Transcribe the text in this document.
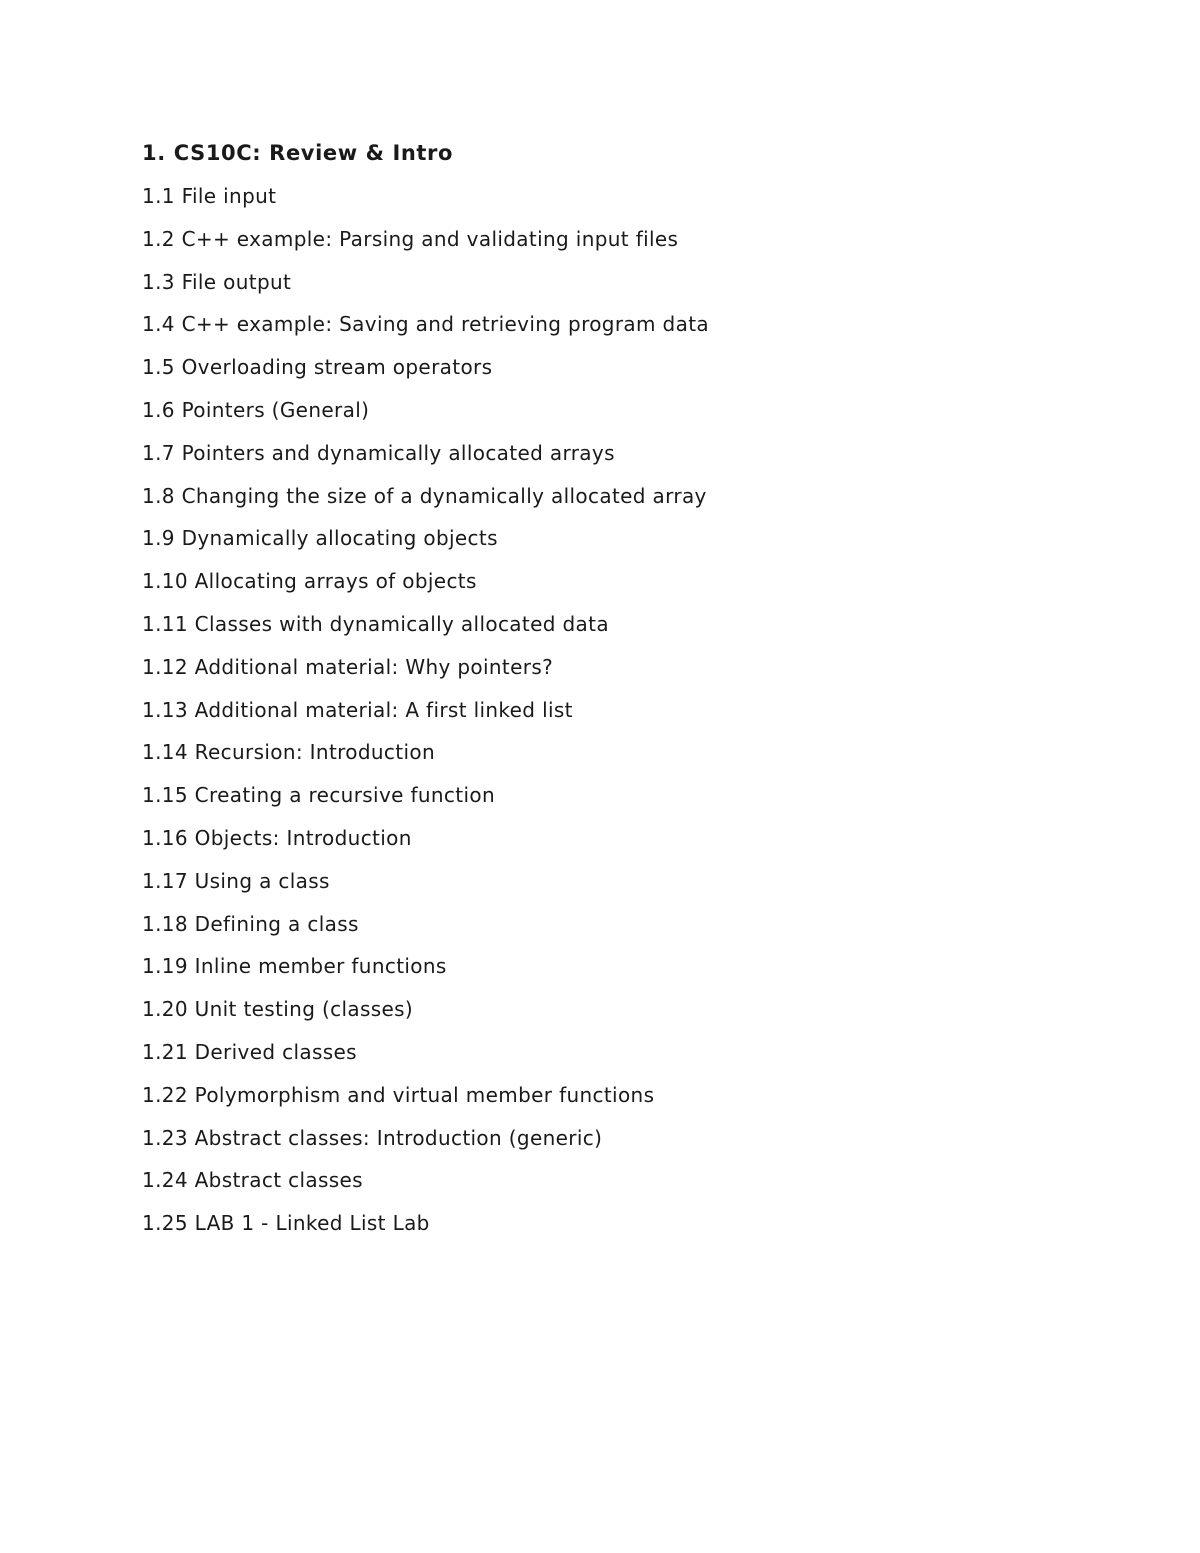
1. CS10C: Review & Intro
1.1 File input
1.2 C++ example: Parsing and validating input files
1.3 File output
1.4 C++ example: Saving and retrieving program data
1.5 Overloading stream operators
1.6 Pointers (General)
1.7 Pointers and dynamically allocated arrays
1.8 Changing the size of a dynamically allocated array
1.9 Dynamically allocating objects
1.10 Allocating arrays of objects
1.11 Classes with dynamically allocated data
1.12 Additional material: Why pointers?
1.13 Additional material: A first linked list
1.14 Recursion: Introduction
1.15 Creating a recursive function
1.16 Objects: Introduction
1.17 Using a class
1.18 Defining a class
1.19 Inline member functions
1.20 Unit testing (classes)
1.21 Derived classes
1.22 Polymorphism and virtual member functions
1.23 Abstract classes: Introduction (generic)
1.24 Abstract classes
1.25 LAB 1 - Linked List Lab
